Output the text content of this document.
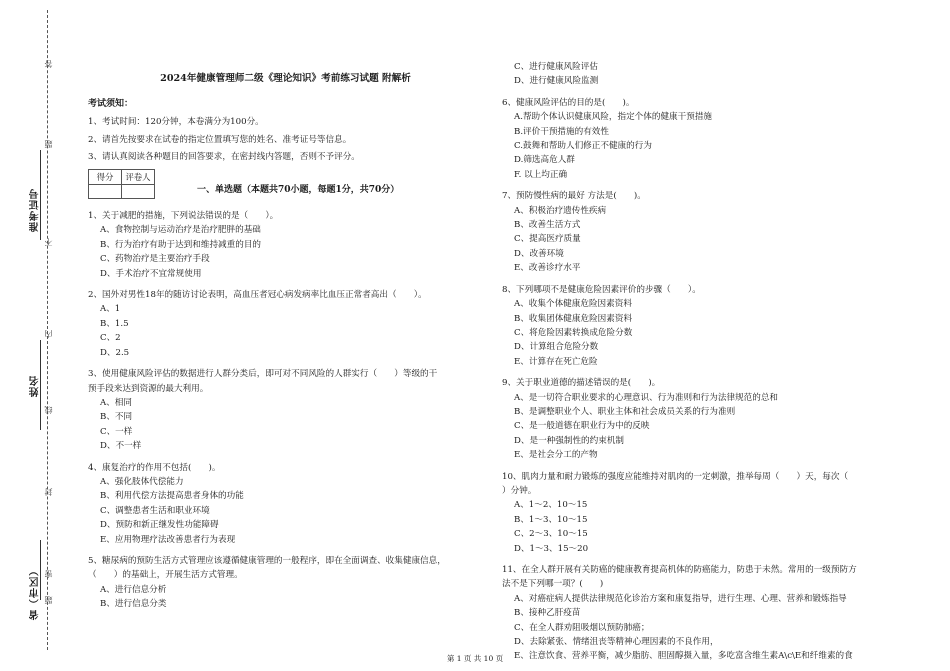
准考证号
姓名
省（市区）
答
题
不
内
线
封
密
题
2024年健康管理师二级《理论知识》考前练习试题 附解析
考试须知：
1、考试时间：120分钟，本卷满分为100分。
2、请首先按要求在试卷的指定位置填写您的姓名、准考证号等信息。
3、请认真阅读各种题目的回答要求，在密封线内答题，否则不予评分。
得分	评卷人

一、单选题（本题共70小题，每题1分，共70分）
1、关于减肥的措施，下列说法错误的是（　　）。
A、食物控制与运动治疗是治疗肥胖的基础
B、行为治疗有助于达到和维持减重的目的
C、药物治疗是主要治疗手段
D、手术治疗不宜常规使用
2、国外对男性18年的随访讨论表明，高血压者冠心病发病率比血压正常者高出（　　）。
A、1
B、1.5
C、2
D、2.5
3、使用健康风险评估的数据进行人群分类后，即可对不同风险的人群实行（　　）等级的干
预手段来达到资源的最大利用。
A、相同
B、不同
C、一样
D、不一样
4、康复治疗的作用不包括(　　)。
A、强化肢体代偿能力
B、利用代偿方法提高患者身体的功能
C、调整患者生活和职业环境
D、预防和新正继发性功能障碍
E、应用物理疗法改善患者行为表现
5、糖尿病的预防生活方式管理应该遵循健康管理的一般程序，即在全面调查、收集健康信息，
（　　）的基础上，开展生活方式管理。
A、进行信息分析
B、进行信息分类
C、进行健康风险评估
D、进行健康风险监测
6、健康风险评估的目的是(　　)。
A.帮助个体认识健康风险，指定个体的健康干预措施
B.评价干预措施的有效性
C.鼓舞和帮助人们修正不健康的行为
D.筛选高危人群
F. 以上均正确
7、预防慢性病的最好 方法是(　　)。
A、积极治疗遗传性疾病
B、改善生活方式
C、提高医疗质量
D、改善环境
E、改善诊疗水平
8、下列哪项不是健康危险因素评价的步骤（　　）。
A、收集个体健康危险因素资料
B、收集团体健康危险因素资料
C、将危险因素转换成危险分数
D、计算组合危险分数
E、计算存在死亡危险
9、关于职业道德的描述错误的是(　　)。
A、是一切符合职业要求的心理意识、行为准则和行为法律规范的总和
B、是调整职业个人、职业主体和社会成员关系的行为准则
C、是一般道德在职业行为中的反映
D、是一种强制性的约束机制
E、是社会分工的产物
10、肌肉力量和耐力锻炼的强度应能维持对肌肉的一定刺激，推举每周（　　）天，每次（
）分钟。
A、1～2、10～15
B、1～3、10～15
C、2～3、10～15
D、1～3、15～20
11、在全人群开展有关防癌的健康教育提高机体的防癌能力，防患于未然。常用的一级预防方
法不是下列哪一项？(　　)
A、对癌症病人提供法律规范化诊治方案和康复指导，进行生理、心理、营养和锻炼指导
B、接种乙肝疫苗
C、在全人群劝阻吸烟以预防肺癌；
D、去除紧张、情绪沮丧等精神心理因素的不良作用，
E、注意饮食、营养平衡，减少脂肪、胆固醇摄入量，多吃富含维生素A\c\E和纤维素的食
第 1 页 共 10 页
